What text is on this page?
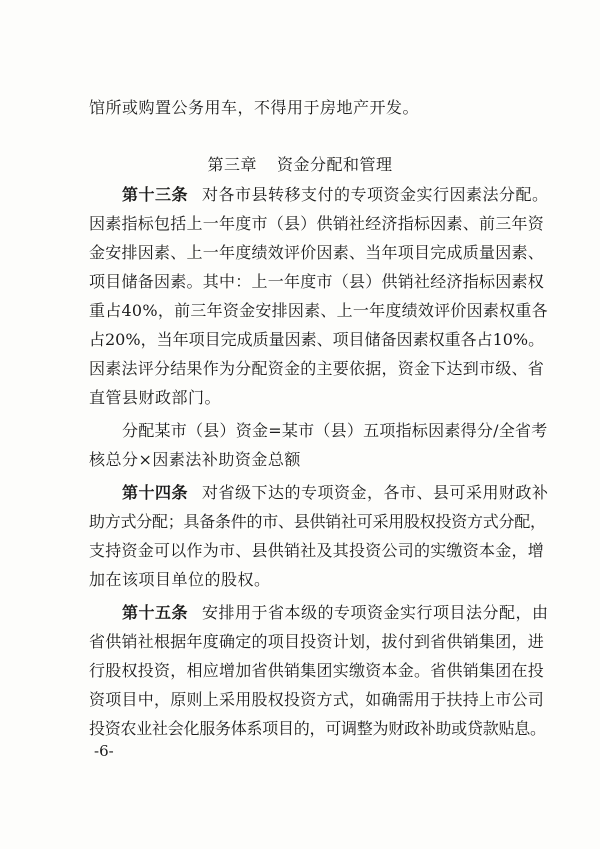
馆所或购置公务用车，不得用于房地产开发。
第三章 资金分配和管理
第十三条 对各市县转移支付的专项资金实行因素法分配。
因素指标包括上一年度市（县）供销社经济指标因素、前三年资
金安排因素、上一年度绩效评价因素、当年项目完成质量因素、
项目储备因素。其中：上一年度市（县）供销社经济指标因素权
重占40%，前三年资金安排因素、上一年度绩效评价因素权重各
占20%，当年项目完成质量因素、项目储备因素权重各占10%。
因素法评分结果作为分配资金的主要依据，资金下达到市级、省
直管县财政部门。
分配某市（县）资金=某市（县）五项指标因素得分/全省考
核总分×因素法补助资金总额
第十四条 对省级下达的专项资金，各市、县可采用财政补
助方式分配；具备条件的市、县供销社可采用股权投资方式分配，
支持资金可以作为市、县供销社及其投资公司的实缴资本金，增
加在该项目单位的股权。
第十五条 安排用于省本级的专项资金实行项目法分配，由
省供销社根据年度确定的项目投资计划，拔付到省供销集团，进
行股权投资，相应增加省供销集团实缴资本金。省供销集团在投
资项目中，原则上采用股权投资方式，如确需用于扶持上市公司
投资农业社会化服务体系项目的，可调整为财政补助或贷款贴息。
-6-
